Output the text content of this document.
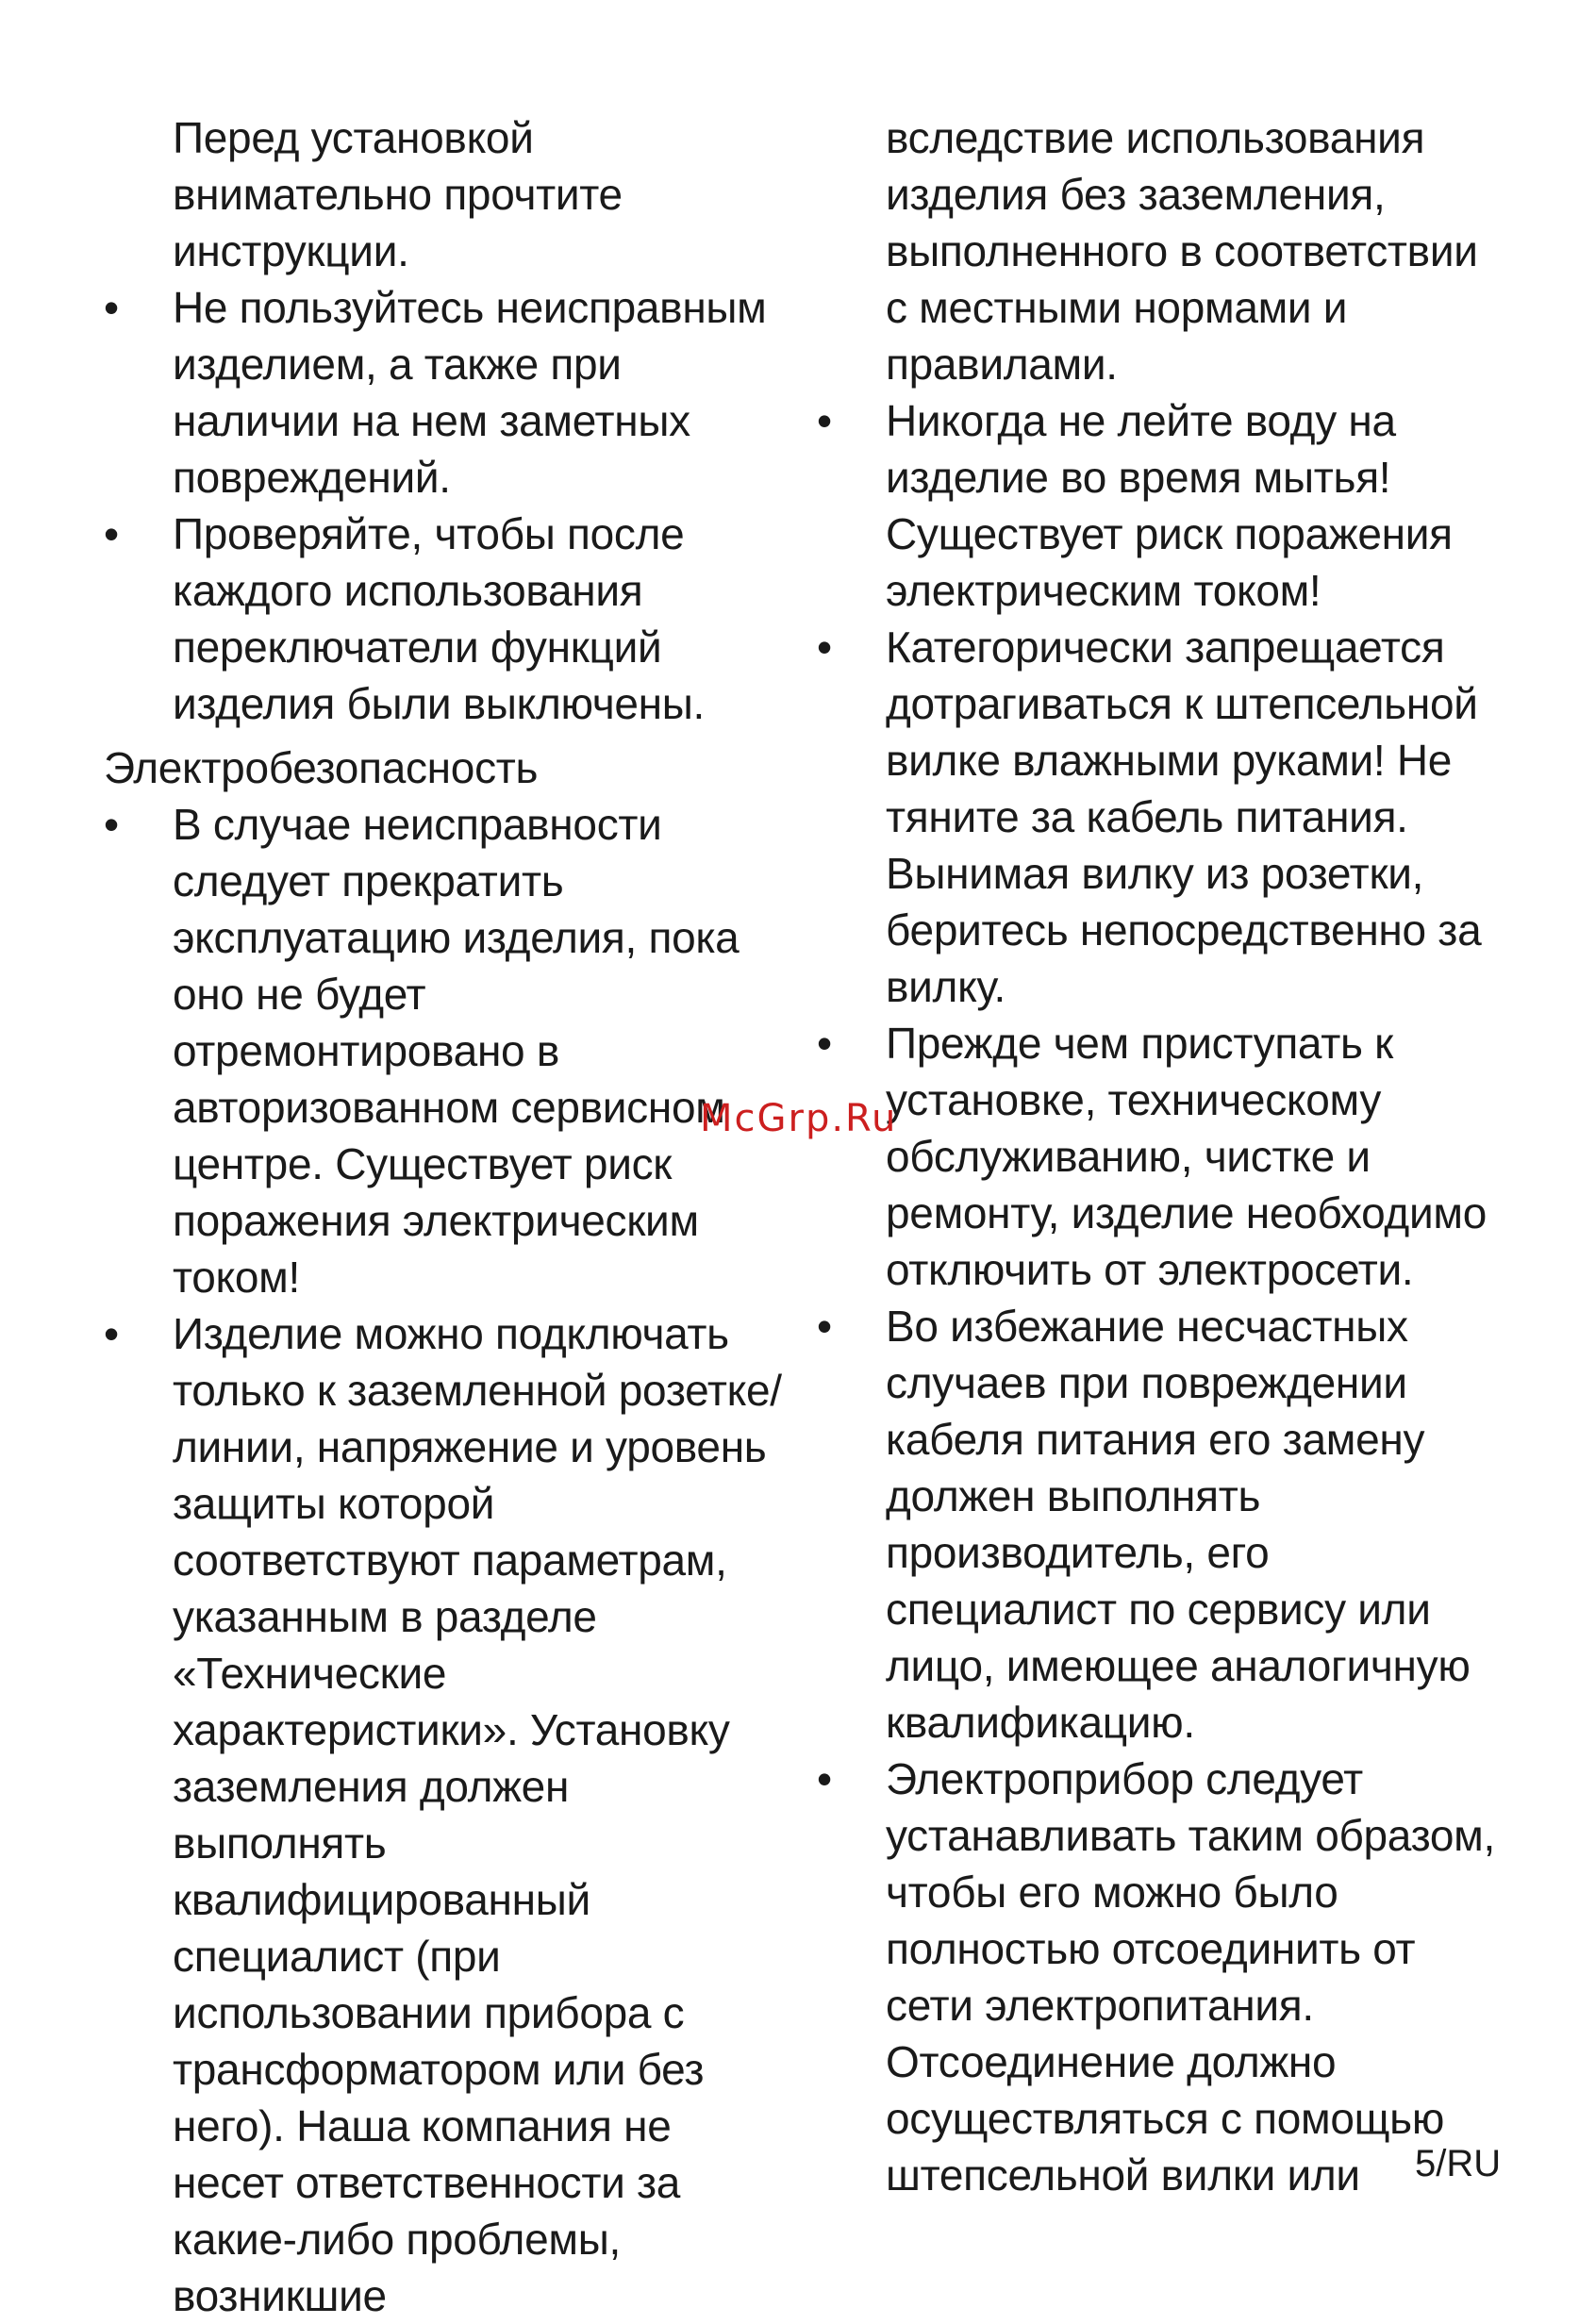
Перед установкой внимательно прочтите инструкции.

• Не пользуйтесь неисправным изделием, а также при наличии на нем заметных повреждений.
• Проверяйте, чтобы после каждого использования переключатели функций изделия были выключены.

Электробезопасность

• В случае неисправности следует прекратить эксплуатацию изделия, пока оно не будет отремонтировано в авторизованном сервисном центре. Существует риск поражения электрическим током!
• Изделие можно подключать только к заземленной розетке/линии, напряжение и уровень защиты которой соответствуют параметрам, указанным в разделе «Технические характеристики». Установку заземления должен выполнять квалифицированный специалист (при использовании прибора с трансформатором или без него). Наша компания не несет ответственности за какие-либо проблемы, возникшие

вследствие использования изделия без заземления, выполненного в соответствии с местными нормами и правилами.

• Никогда не лейте воду на изделие во время мытья! Существует риск поражения электрическим током!
• Категорически запрещается дотрагиваться к штепсельной вилке влажными руками! Не тяните за кабель питания. Вынимая вилку из розетки, беритесь непосредственно за вилку.
• Прежде чем приступать к установке, техническому обслуживанию, чистке и ремонту, изделие необходимо отключить от электросети.
• Во избежание несчастных случаев при повреждении кабеля питания его замену должен выполнять производитель, его специалист по сервису или лицо, имеющее аналогичную квалификацию.
• Электроприбор следует устанавливать таким образом, чтобы его можно было полностью отсоединить от сети электропитания. Отсоединение должно осуществляться с помощью штепсельной вилки или
McGrp.Ru
5/RU
